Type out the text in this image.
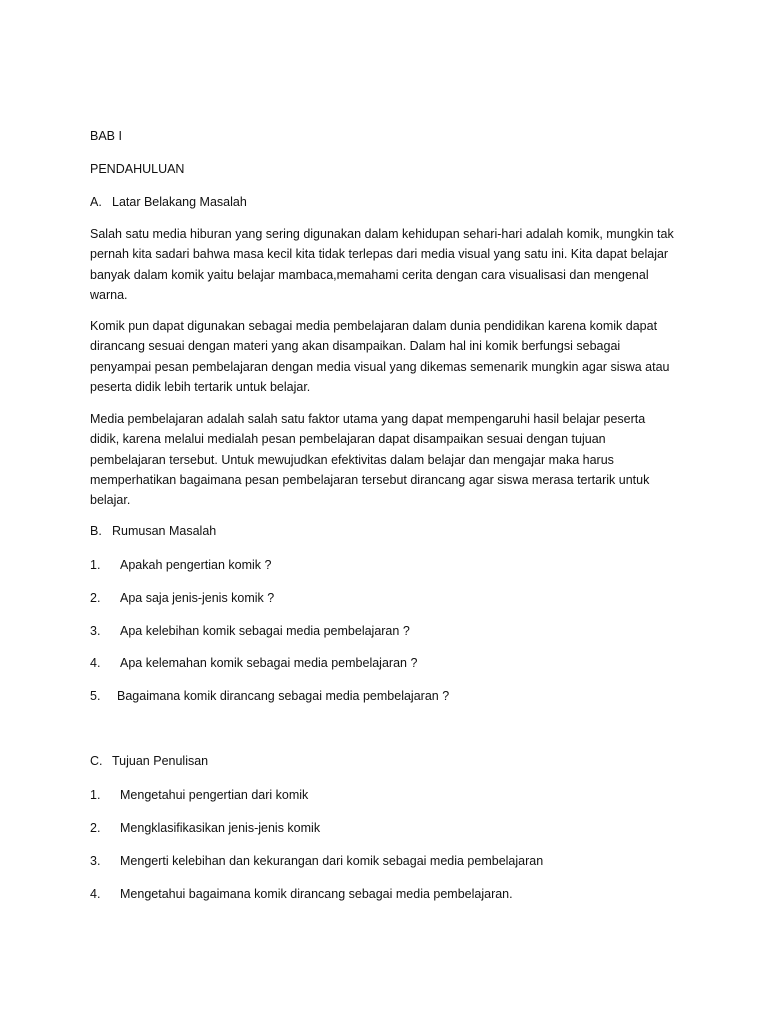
BAB I
PENDAHULUAN
A. Latar Belakang Masalah
Salah satu media hiburan yang sering digunakan dalam kehidupan sehari-hari adalah komik, mungkin tak
pernah kita sadari bahwa masa kecil kita tidak terlepas dari media visual yang satu ini. Kita dapat belajar
banyak dalam komik yaitu belajar mambaca,memahami cerita dengan cara visualisasi dan mengenal
warna.
Komik pun dapat digunakan sebagai media pembelajaran dalam dunia pendidikan karena komik dapat
dirancang sesuai dengan materi yang akan disampaikan. Dalam hal ini komik berfungsi sebagai
penyampai pesan pembelajaran dengan media visual yang dikemas semenarik mungkin agar siswa atau
peserta didik lebih tertarik untuk belajar.
Media pembelajaran adalah salah satu faktor utama yang dapat mempengaruhi hasil belajar peserta
didik, karena melalui medialah pesan pembelajaran dapat disampaikan sesuai dengan tujuan
pembelajaran tersebut. Untuk mewujudkan efektivitas dalam belajar dan mengajar maka harus
memperhatikan bagaimana pesan pembelajaran tersebut dirancang agar siswa merasa tertarik untuk
belajar.
B. Rumusan Masalah
1. Apakah pengertian komik ?
2. Apa saja jenis-jenis komik ?
3. Apa kelebihan komik sebagai media pembelajaran ?
4. Apa kelemahan komik sebagai media pembelajaran ?
5. Bagaimana komik dirancang sebagai media pembelajaran ?
C. Tujuan Penulisan
1. Mengetahui pengertian dari komik
2. Mengklasifikasikan jenis-jenis komik
3. Mengerti kelebihan dan kekurangan dari komik sebagai media pembelajaran
4. Mengetahui bagaimana komik dirancang sebagai media pembelajaran.
